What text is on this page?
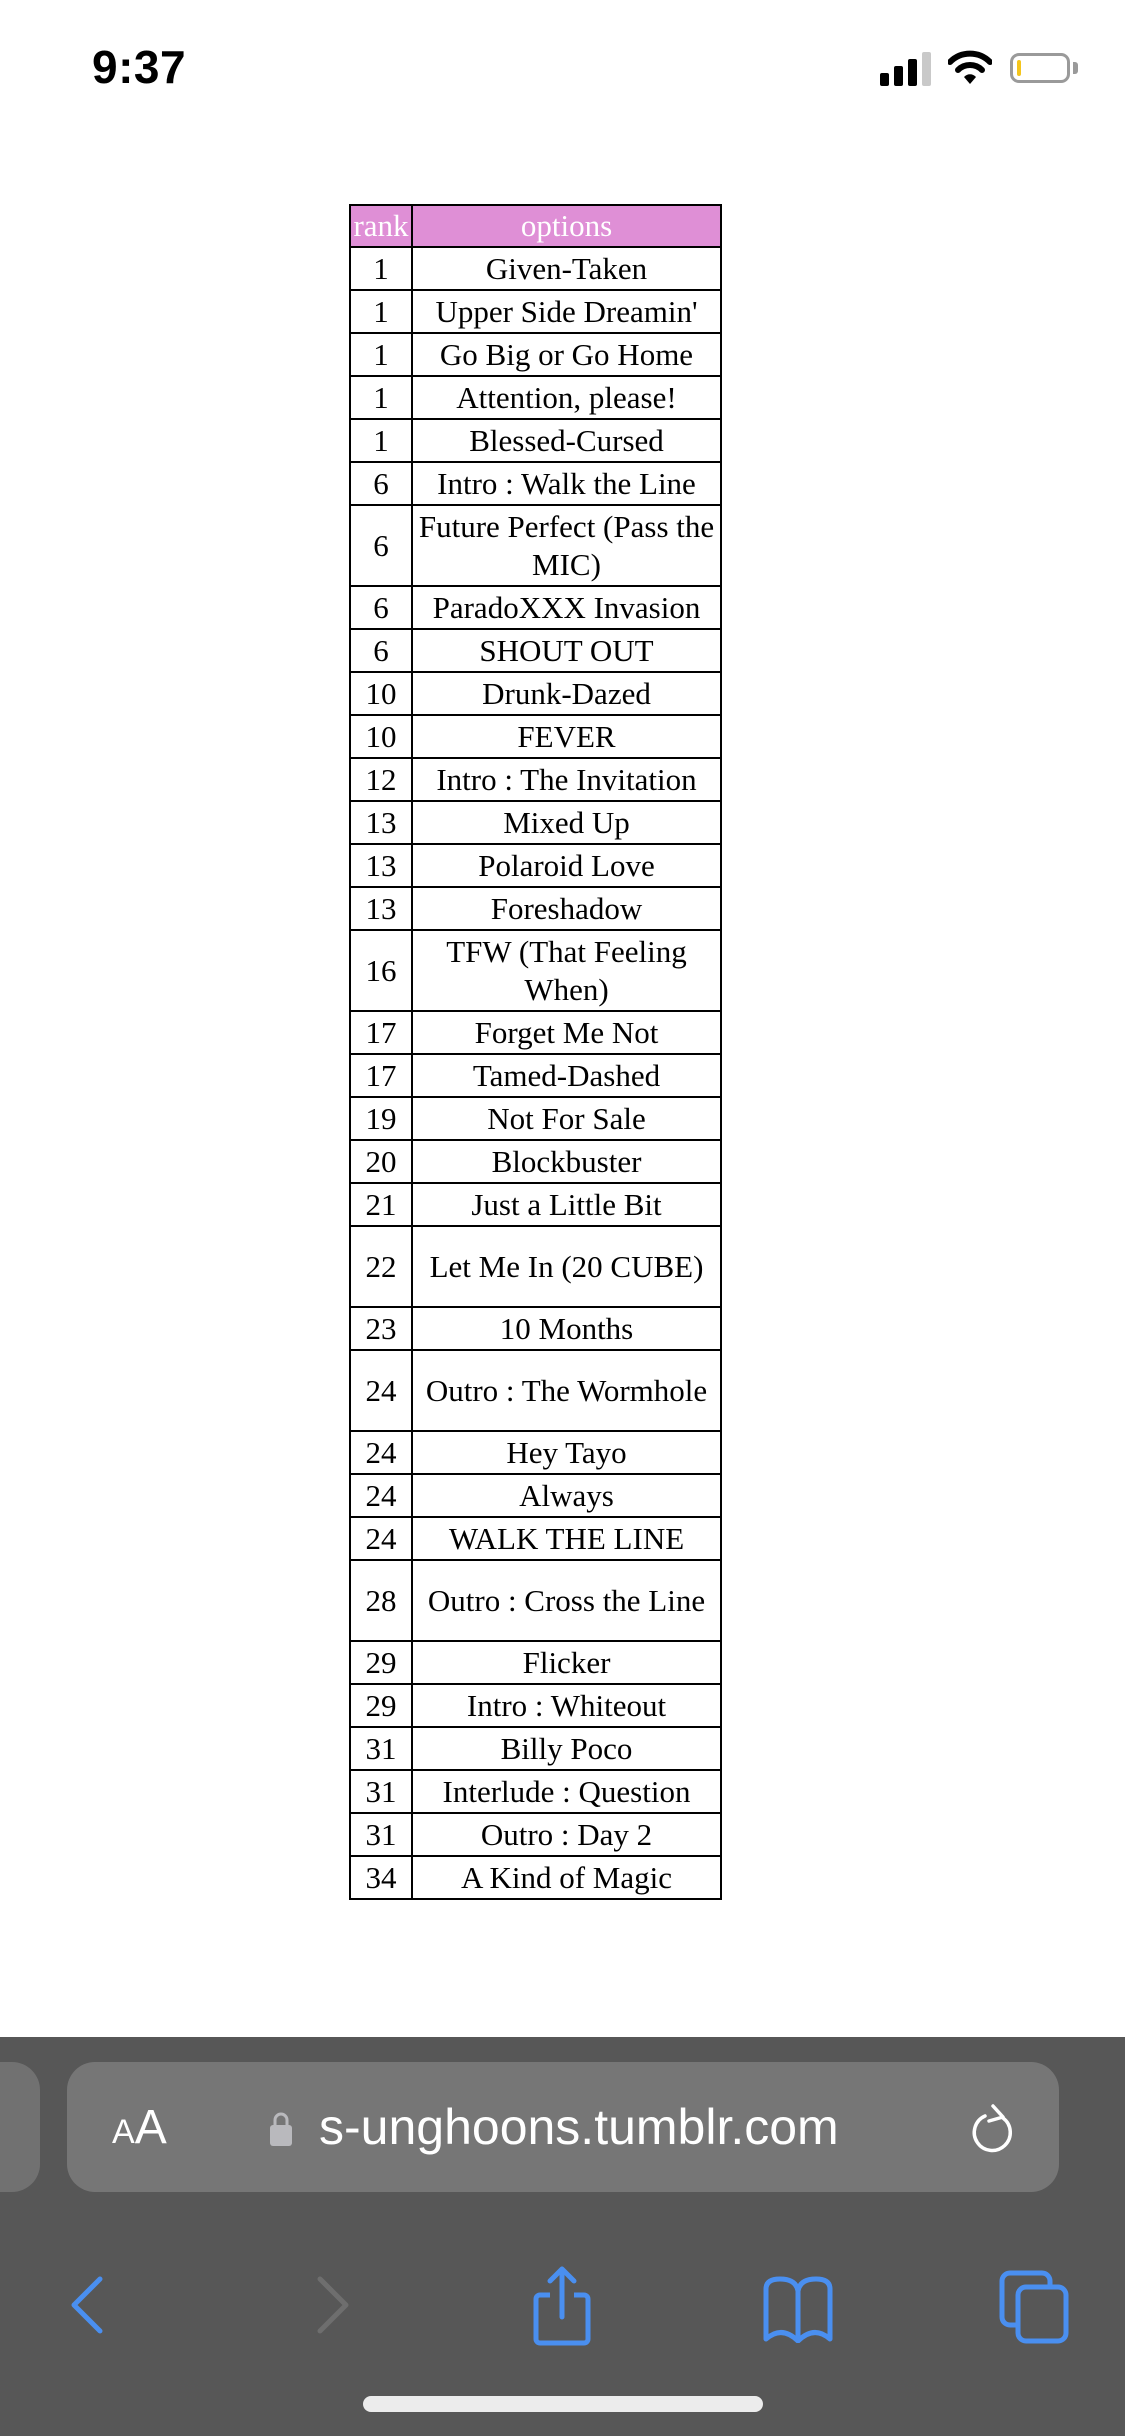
9:37
rank	options
1	Given-Taken
1	Upper Side Dreamin'
1	Go Big or Go Home
1	Attention, please!
1	Blessed-Cursed
6	Intro : Walk the Line
6	Future Perfect (Pass the MIC)
6	ParadoXXX Invasion
6	SHOUT OUT
10	Drunk-Dazed
10	FEVER
12	Intro : The Invitation
13	Mixed Up
13	Polaroid Love
13	Foreshadow
16	TFW (That Feeling When)
17	Forget Me Not
17	Tamed-Dashed
19	Not For Sale
20	Blockbuster
21	Just a Little Bit
22	Let Me In (20 CUBE)
23	10 Months
24	Outro : The Wormhole
24	Hey Tayo
24	Always
24	WALK THE LINE
28	Outro : Cross the Line
29	Flicker
29	Intro : Whiteout
31	Billy Poco
31	Interlude : Question
31	Outro : Day 2
34	A Kind of Magic
AA	s-unghoons.tumblr.com
